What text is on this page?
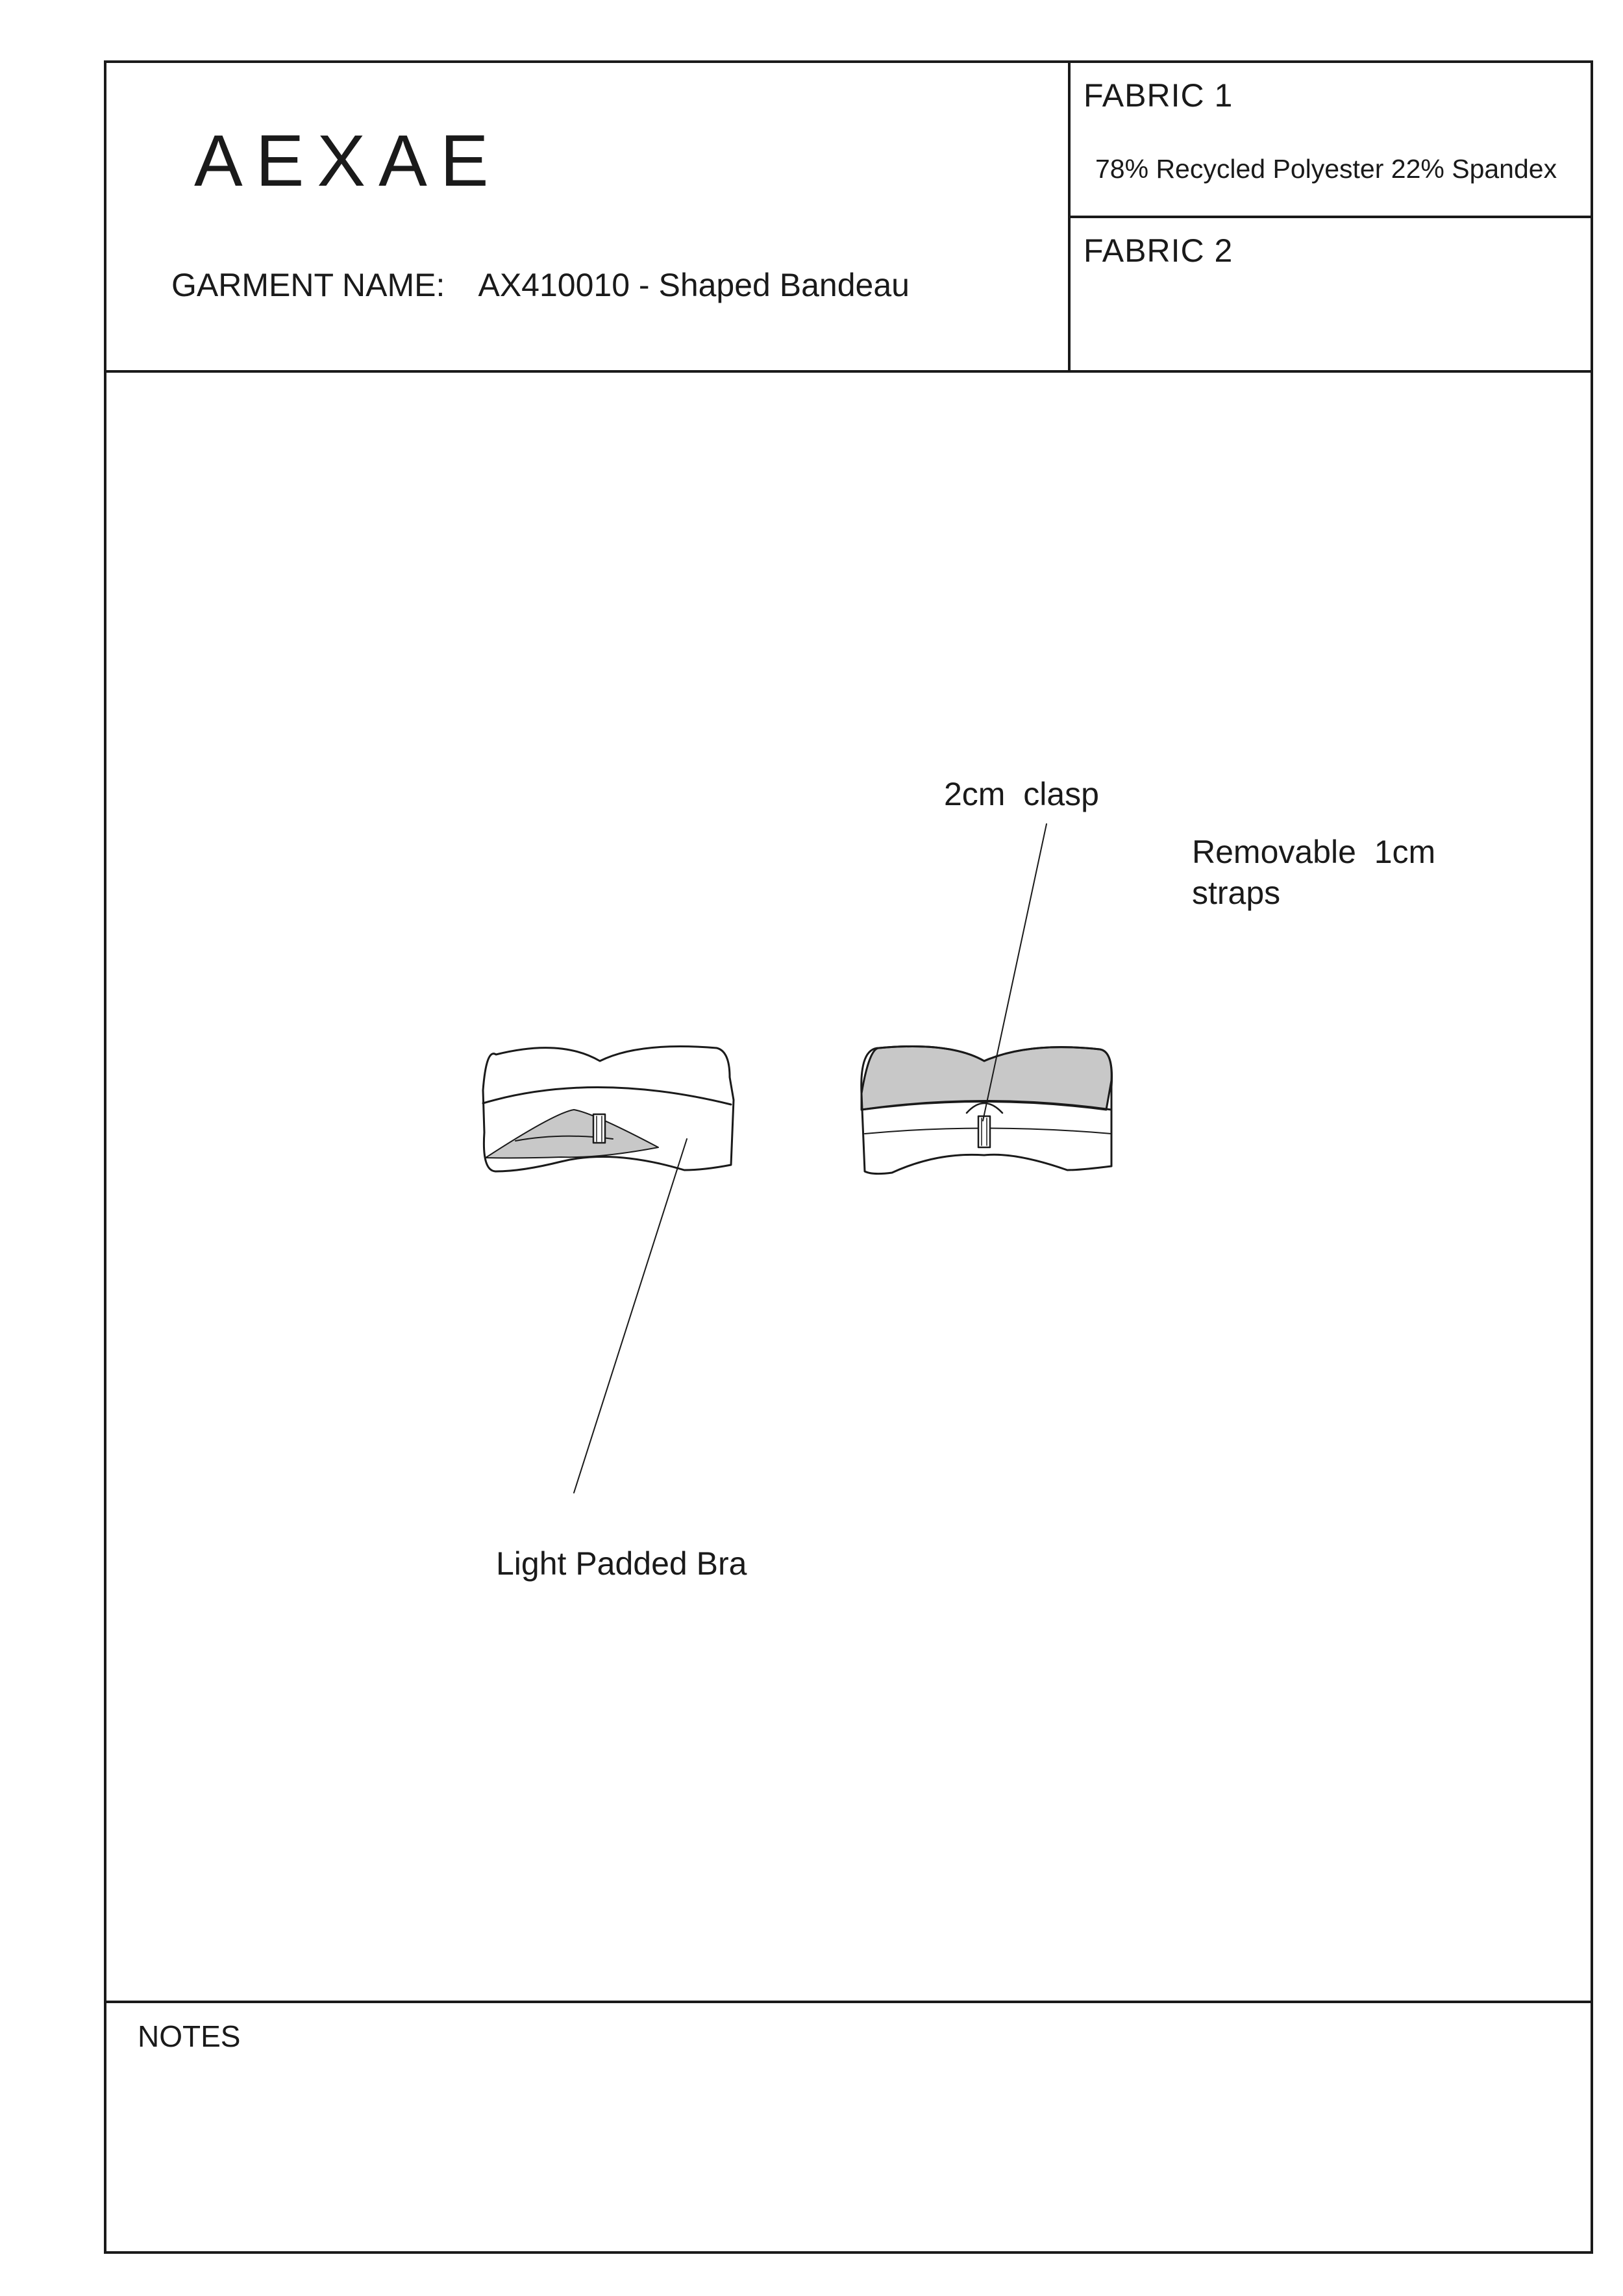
AEXAE
GARMENT NAME: AX410010 - Shaped Bandeau
FABRIC 1
78% Recycled Polyester 22% Spandex
FABRIC 2
2cm  clasp
Removable  1cm
straps
Light Padded Bra
NOTES
